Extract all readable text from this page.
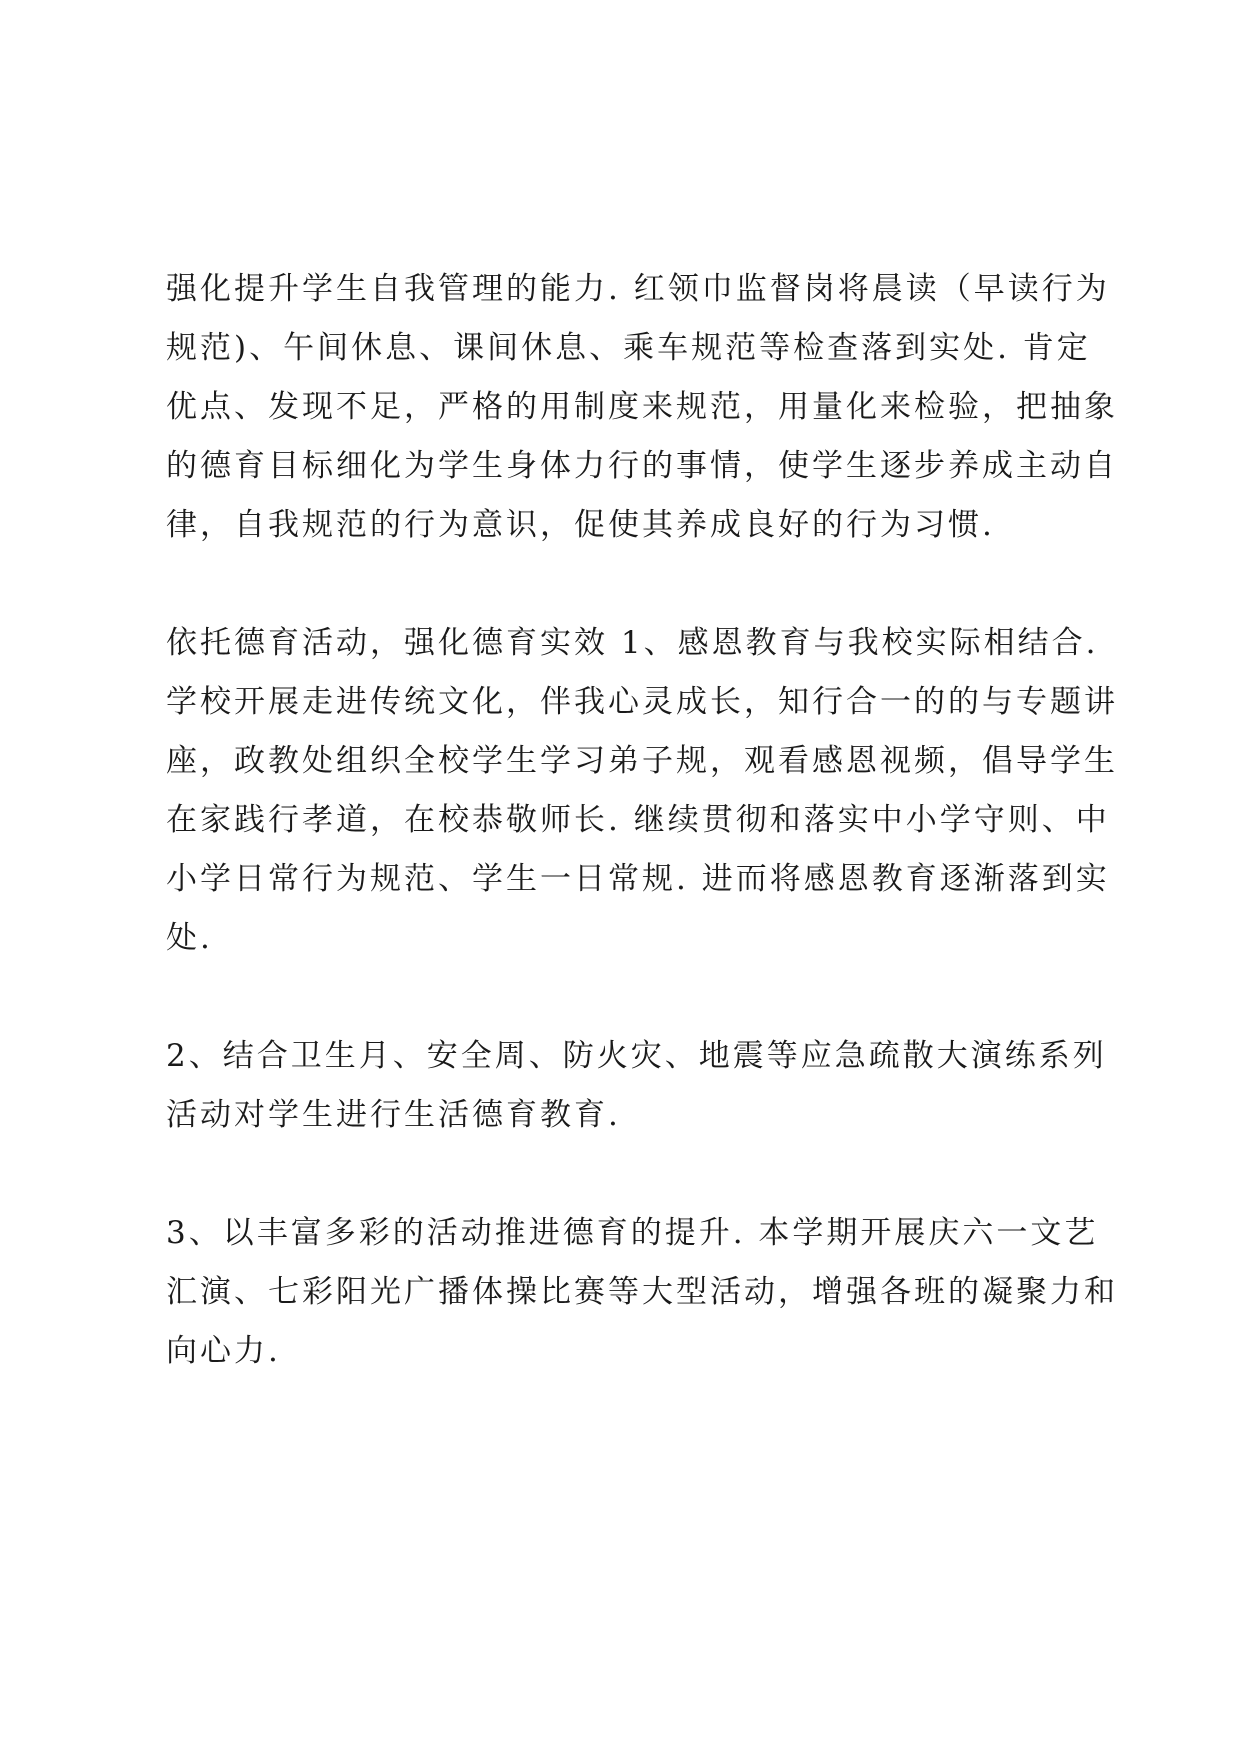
强化提升学生自我管理的能力. 红领巾监督岗将晨读（早读行为
规范)、午间休息、课间休息、乘车规范等检查落到实处. 肯定
优点、发现不足，严格的用制度来规范，用量化来检验，把抽象
的德育目标细化为学生身体力行的事情，使学生逐步养成主动自
律，自我规范的行为意识，促使其养成良好的行为习惯.

依托德育活动，强化德育实效 1、感恩教育与我校实际相结合.
学校开展走进传统文化，伴我心灵成长，知行合一的的与专题讲
座，政教处组织全校学生学习弟子规，观看感恩视频，倡导学生
在家践行孝道，在校恭敬师长. 继续贯彻和落实中小学守则、中
小学日常行为规范、学生一日常规. 进而将感恩教育逐渐落到实
处.

2、结合卫生月、安全周、防火灾、地震等应急疏散大演练系列
活动对学生进行生活德育教育.

3、以丰富多彩的活动推进德育的提升. 本学期开展庆六一文艺
汇演、七彩阳光广播体操比赛等大型活动，增强各班的凝聚力和
向心力.
